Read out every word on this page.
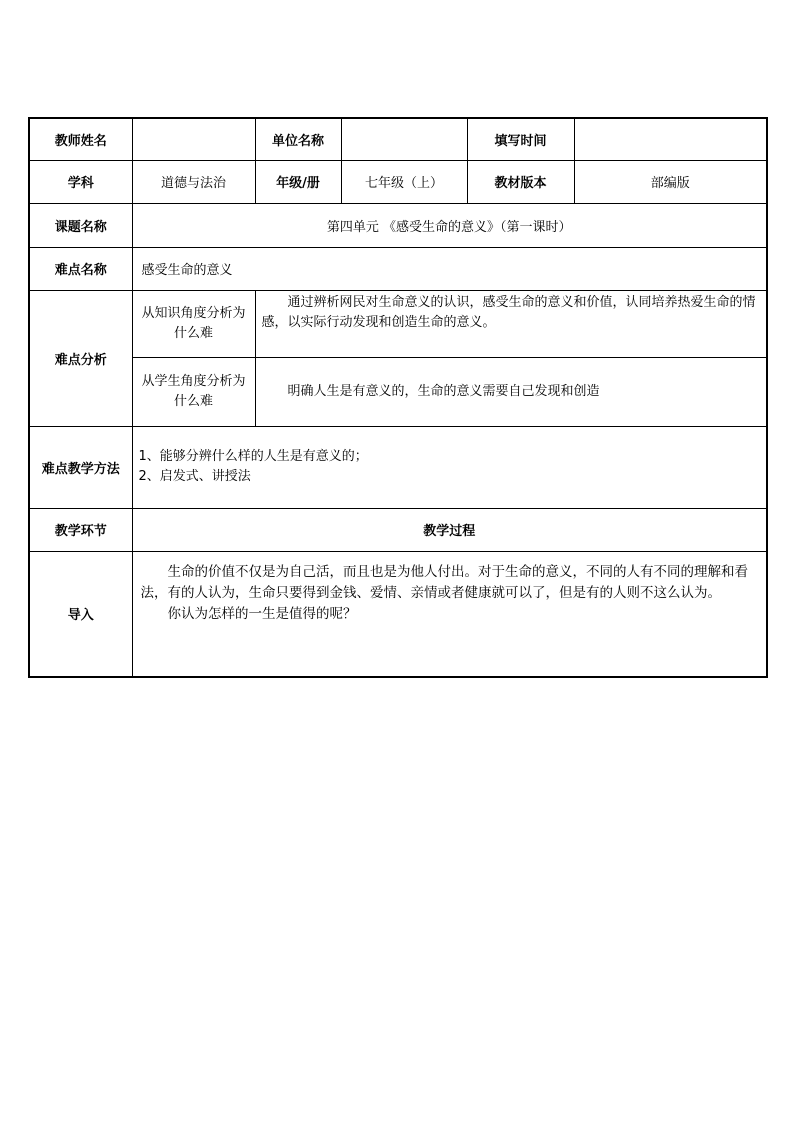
教师姓名		单位名称		填写时间	
学科	道德与法治	年级/册	七年级（上）	教材版本	部编版
课题名称	第四单元 《感受生命的意义》（第一课时）				
难点名称	感受生命的意义				
难点分析	从知识角度分析为什么难	通过辨析网民对生命意义的认识，感受生命的意义和价值，认同培养热爱生命的情感，以实际行动发现和创造生命的意义。			
	从学生角度分析为什么难	明确人生是有意义的，生命的意义需要自己发现和创造			
难点教学方法	1、能够分辨什么样的人生是有意义的；
2、启发式、讲授法				

教学环节	教学过程				
导入	生命的价值不仅是为自己活，而且也是为他人付出。对于生命的意义，不同的人有不同的理解和看法，有的人认为，生命只要得到金钱、爱情、亲情或者健康就可以了，但是有的人则不这么认为。

你认为怎样的一生是值得的呢？				
